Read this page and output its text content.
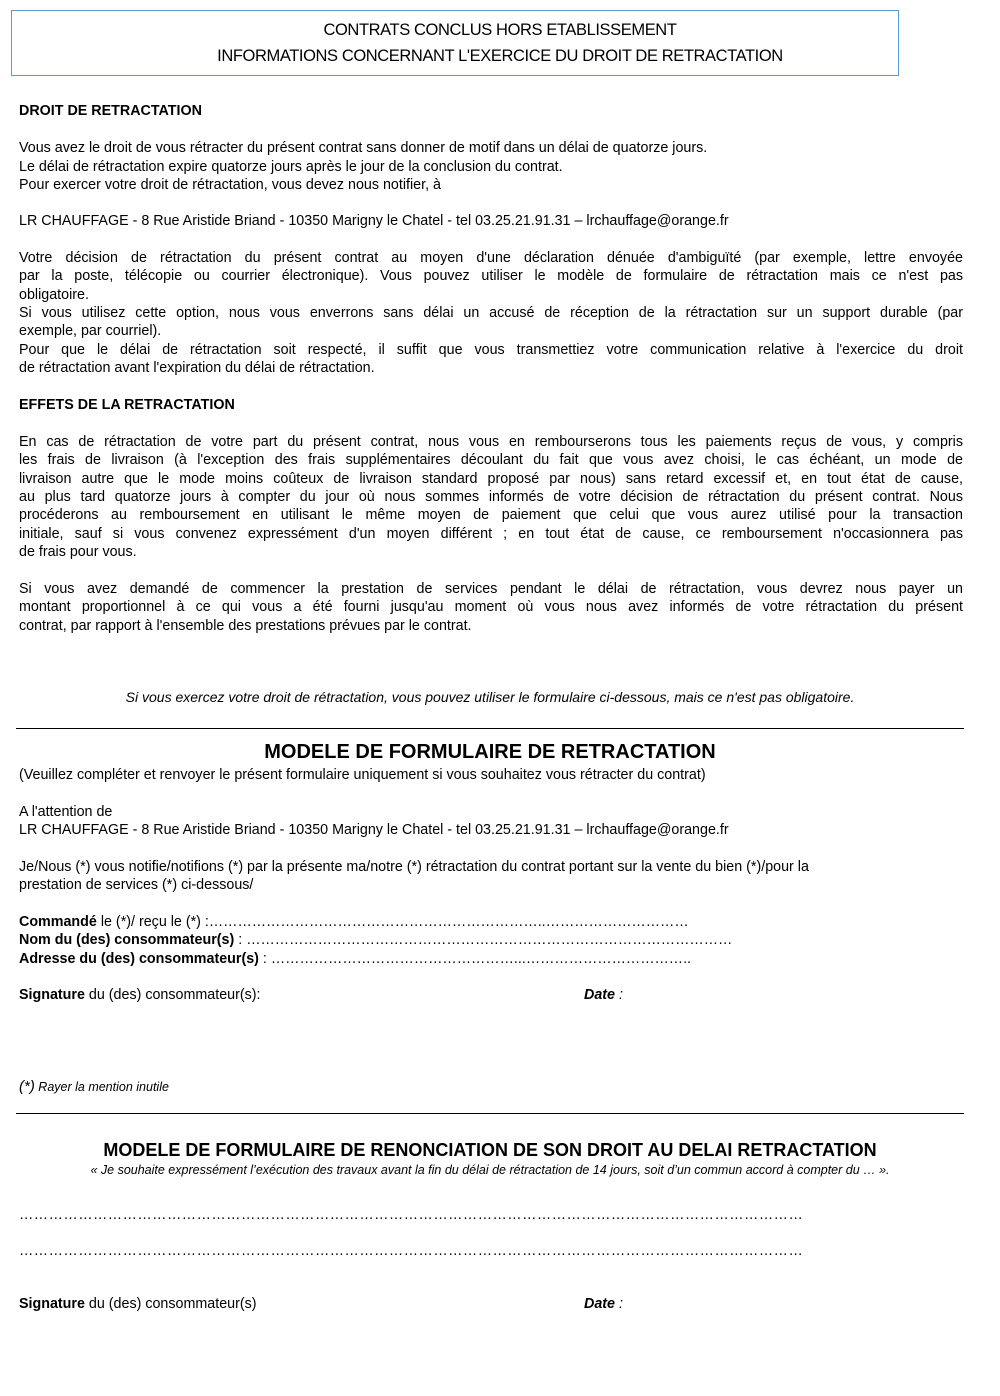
CONTRATS CONCLUS HORS ETABLISSEMENT
INFORMATIONS CONCERNANT L'EXERCICE DU DROIT DE RETRACTATION
DROIT DE RETRACTATION
Vous avez le droit de vous rétracter du présent contrat sans donner de motif dans un délai de quatorze jours.
Le délai de rétractation expire quatorze jours après le jour de la conclusion du contrat.
Pour exercer votre droit de rétractation, vous devez nous notifier, à
LR CHAUFFAGE - 8 Rue Aristide Briand - 10350 Marigny le Chatel - tel 03.25.21.91.31 – lrchauffage@orange.fr
Votre décision de rétractation du présent contrat au moyen d'une déclaration dénuée d'ambiguïté (par exemple, lettre envoyée
par la poste, télécopie ou courrier électronique). Vous pouvez utiliser le modèle de formulaire de rétractation mais ce n'est pas
obligatoire.
Si vous utilisez cette option, nous vous enverrons sans délai un accusé de réception de la rétractation sur un support durable (par
exemple, par courriel).
Pour que le délai de rétractation soit respecté, il suffit que vous transmettiez votre communication relative à l'exercice du droit
de rétractation avant l'expiration du délai de rétractation.
EFFETS DE LA RETRACTATION
En cas de rétractation de votre part du présent contrat, nous vous en rembourserons tous les paiements reçus de vous, y compris
les frais de livraison (à l'exception des frais supplémentaires découlant du fait que vous avez choisi, le cas échéant, un mode de
livraison autre que le mode moins coûteux de livraison standard proposé par nous) sans retard excessif et, en tout état de cause,
au plus tard quatorze jours à compter du jour où nous sommes informés de votre décision de rétractation du présent contrat. Nous
procéderons au remboursement en utilisant le même moyen de paiement que celui que vous aurez utilisé pour la transaction
initiale, sauf si vous convenez expressément d'un moyen différent ; en tout état de cause, ce remboursement n'occasionnera pas
de frais pour vous.
Si vous avez demandé de commencer la prestation de services pendant le délai de rétractation, vous devrez nous payer un
montant proportionnel à ce qui vous a été fourni jusqu'au moment où vous nous avez informés de votre rétractation du présent
contrat, par rapport à l'ensemble des prestations prévues par le contrat.
Si vous exercez votre droit de rétractation, vous pouvez utiliser le formulaire ci-dessous, mais ce n'est pas obligatoire.
MODELE DE FORMULAIRE DE RETRACTATION
(Veuillez compléter et renvoyer le présent formulaire uniquement si vous souhaitez vous rétracter du contrat)
A l'attention de
LR CHAUFFAGE - 8 Rue Aristide Briand - 10350 Marigny le Chatel - tel 03.25.21.91.31 – lrchauffage@orange.fr
Je/Nous (*) vous notifie/notifions (*) par la présente ma/notre (*) rétractation du contrat portant sur la vente du bien (*)/pour la
prestation de services (*) ci-dessous/
Commandé le (*)/ reçu le (*) :……………………………………………………………..…………………………
Nom du (des) consommateur(s) : …………………………………………………………………………………………
Adresse du (des) consommateur(s) : ……………………………………………...……………………………..
Signature du (des) consommateur(s):	Date :
(*) Rayer la mention inutile
MODELE DE FORMULAIRE DE RENONCIATION DE SON DROIT AU DELAI RETRACTATION
« Je souhaite expressément l’exécution des travaux avant la fin du délai de rétractation de 14 jours, soit d’un commun accord à compter du … ».
……………………………………………………………………………………………………………………………………………
……………………………………………………………………………………………………………………………………………
Signature du (des) consommateur(s)	Date :
